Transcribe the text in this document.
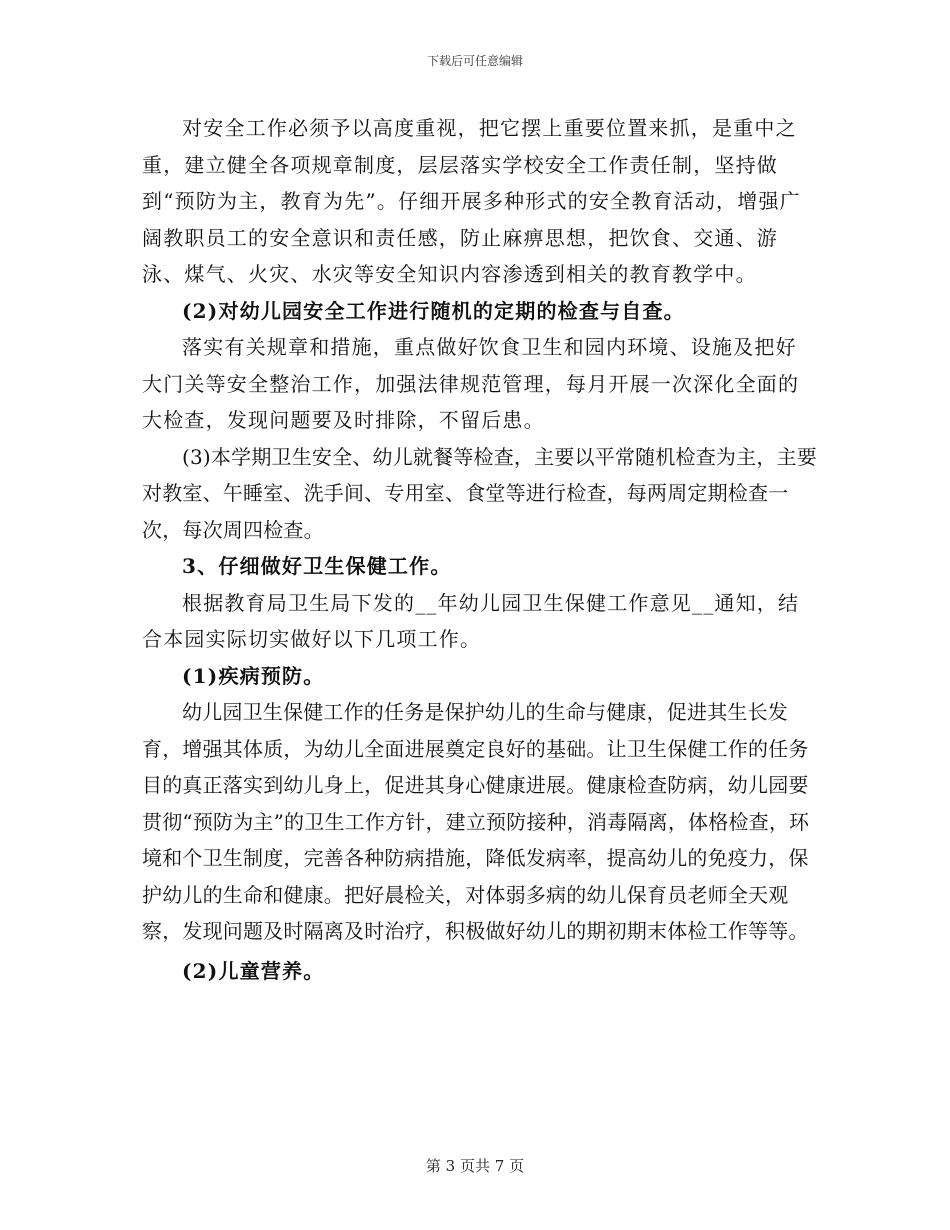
下载后可任意编辑

对安全工作必须予以高度重视，把它摆上重要位置来抓，是重中之重，建立健全各项规章制度，层层落实学校安全工作责任制，坚持做到“预防为主，教育为先”。仔细开展多种形式的安全教育活动，增强广阔教职员工的安全意识和责任感，防止麻痹思想，把饮食、交通、游泳、煤气、火灾、水灾等安全知识内容渗透到相关的教育教学中。

(2)对幼儿园安全工作进行随机的定期的检查与自查。

落实有关规章和措施，重点做好饮食卫生和园内环境、设施及把好大门关等安全整治工作，加强法律规范管理，每月开展一次深化全面的大检查，发现问题要及时排除，不留后患。

(3)本学期卫生安全、幼儿就餐等检查，主要以平常随机检查为主，主要对教室、午睡室、洗手间、专用室、食堂等进行检查，每两周定期检查一次，每次周四检查。

3、仔细做好卫生保健工作。

根据教育局卫生局下发的__年幼儿园卫生保健工作意见__通知，结合本园实际切实做好以下几项工作。

(1)疾病预防。

幼儿园卫生保健工作的任务是保护幼儿的生命与健康，促进其生长发育，增强其体质，为幼儿全面进展奠定良好的基础。让卫生保健工作的任务目的真正落实到幼儿身上，促进其身心健康进展。健康检查防病，幼儿园要贯彻“预防为主”的卫生工作方针，建立预防接种，消毒隔离，体格检查，环境和个卫生制度，完善各种防病措施，降低发病率，提高幼儿的免疫力，保护幼儿的生命和健康。把好晨检关，对体弱多病的幼儿保育员老师全天观察，发现问题及时隔离及时治疗，积极做好幼儿的期初期末体检工作等等。

(2)儿童营养。

第 3 页共 7 页
